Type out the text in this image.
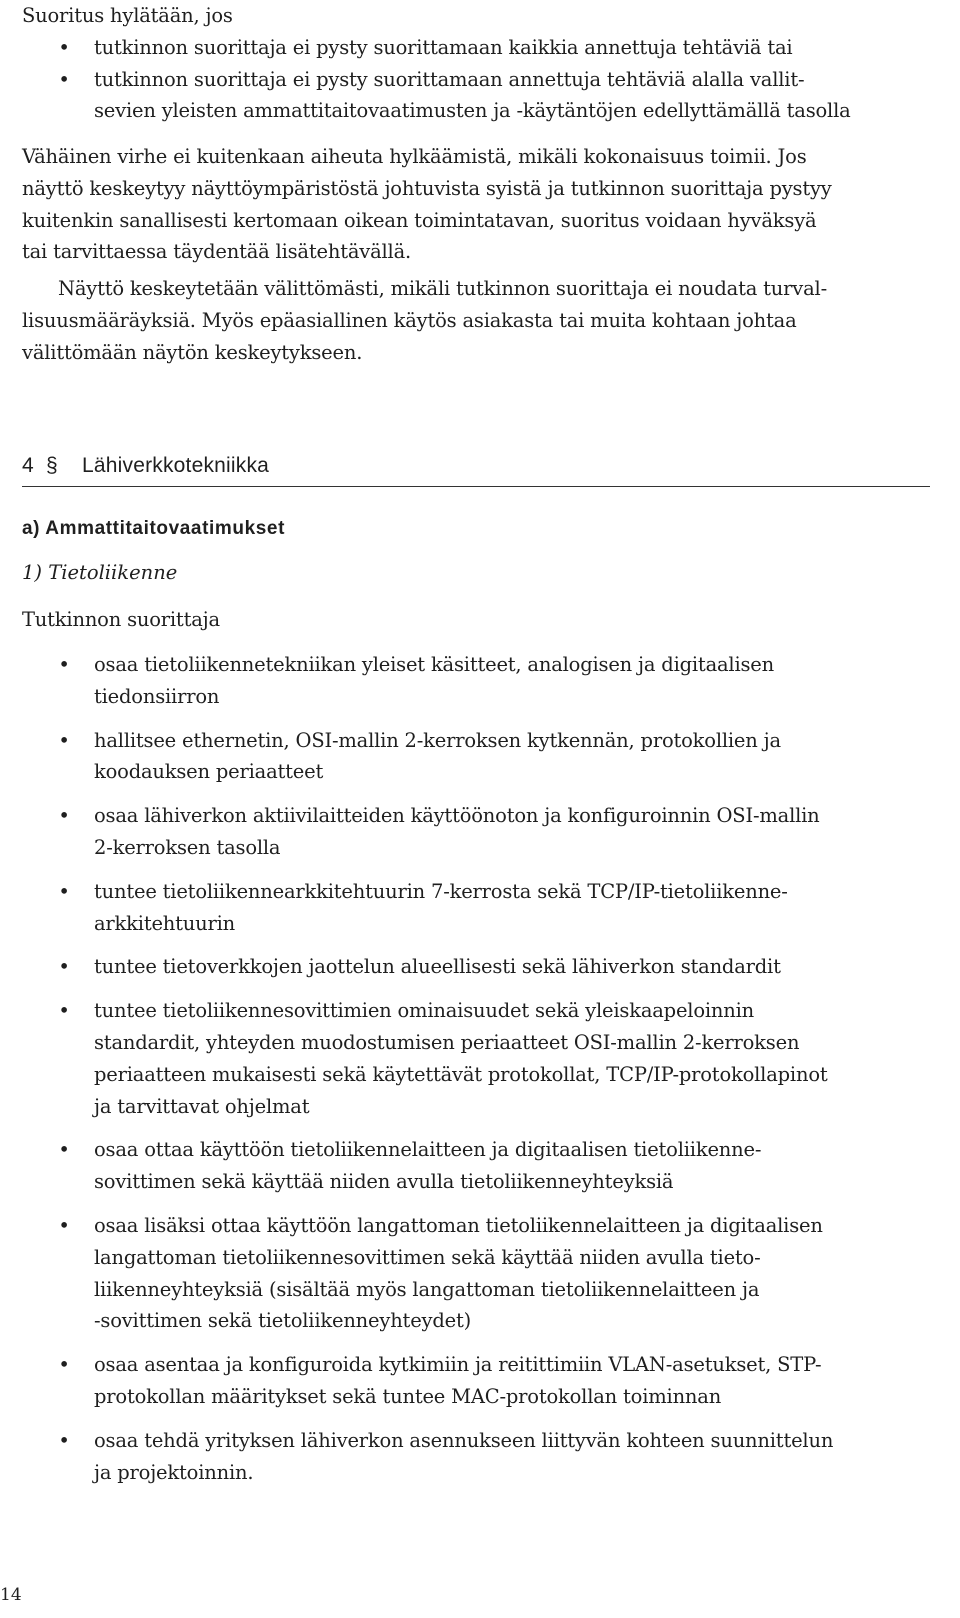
Suoritus hylätään, jos
• tutkinnon suorittaja ei pysty suorittamaan kaikkia annettuja tehtäviä tai
• tutkinnon suorittaja ei pysty suorittamaan annettuja tehtäviä alalla vallit-
sevien yleisten ammattitaitovaatimusten ja -käytäntöjen edellyttämällä tasolla
Vähäinen virhe ei kuitenkaan aiheuta hylkäämistä, mikäli kokonaisuus toimii. Jos
näyttö keskeytyy näyttöympäristöstä johtuvista syistä ja tutkinnon suorittaja pystyy
kuitenkin sanallisesti kertomaan oikean toimintatavan, suoritus voidaan hyväksyä
tai tarvittaessa täydentää lisätehtävällä.
Näyttö keskeytetään välittömästi, mikäli tutkinnon suorittaja ei noudata turval-
lisuusmääräyksiä. Myös epäasiallinen käytös asiakasta tai muita kohtaan johtaa
välittömään näytön keskeytykseen.
4 § Lähiverkkotekniikka
a) Ammattitaitovaatimukset
1) Tietoliikenne
Tutkinnon suorittaja
• osaa tietoliikennetekniikan yleiset käsitteet, analogisen ja digitaalisen
tiedonsiirron
• hallitsee ethernetin, OSI-mallin 2-kerroksen kytkennän, protokollien ja
koodauksen periaatteet
• osaa lähiverkon aktiivilaitteiden käyttöönoton ja konfiguroinnin OSI-mallin
2-kerroksen tasolla
• tuntee tietoliikennearkkitehtuurin 7-kerrosta sekä TCP/IP-tietoliikenne-
arkkitehtuurin
• tuntee tietoverkkojen jaottelun alueellisesti sekä lähiverkon standardit
• tuntee tietoliikennesovittimien ominaisuudet sekä yleiskaapeloinnin
standardit, yhteyden muodostumisen periaatteet OSI-mallin 2-kerroksen
periaatteen mukaisesti sekä käytettävät protokollat, TCP/IP-protokollapinot
ja tarvittavat ohjelmat
• osaa ottaa käyttöön tietoliikennelaitteen ja digitaalisen tietoliikenne-
sovittimen sekä käyttää niiden avulla tietoliikenneyhteyksiä
• osaa lisäksi ottaa käyttöön langattoman tietoliikennelaitteen ja digitaalisen
langattoman tietoliikennesovittimen sekä käyttää niiden avulla tieto-
liikenneyhteyksiä (sisältää myös langattoman tietoliikennelaitteen ja
-sovittimen sekä tietoliikenneyhteydet)
• osaa asentaa ja konfiguroida kytkimiin ja reitittimiin VLAN-asetukset, STP-
protokollan määritykset sekä tuntee MAC-protokollan toiminnan
• osaa tehdä yrityksen lähiverkon asennukseen liittyvän kohteen suunnittelun
ja projektoinnin.
14
